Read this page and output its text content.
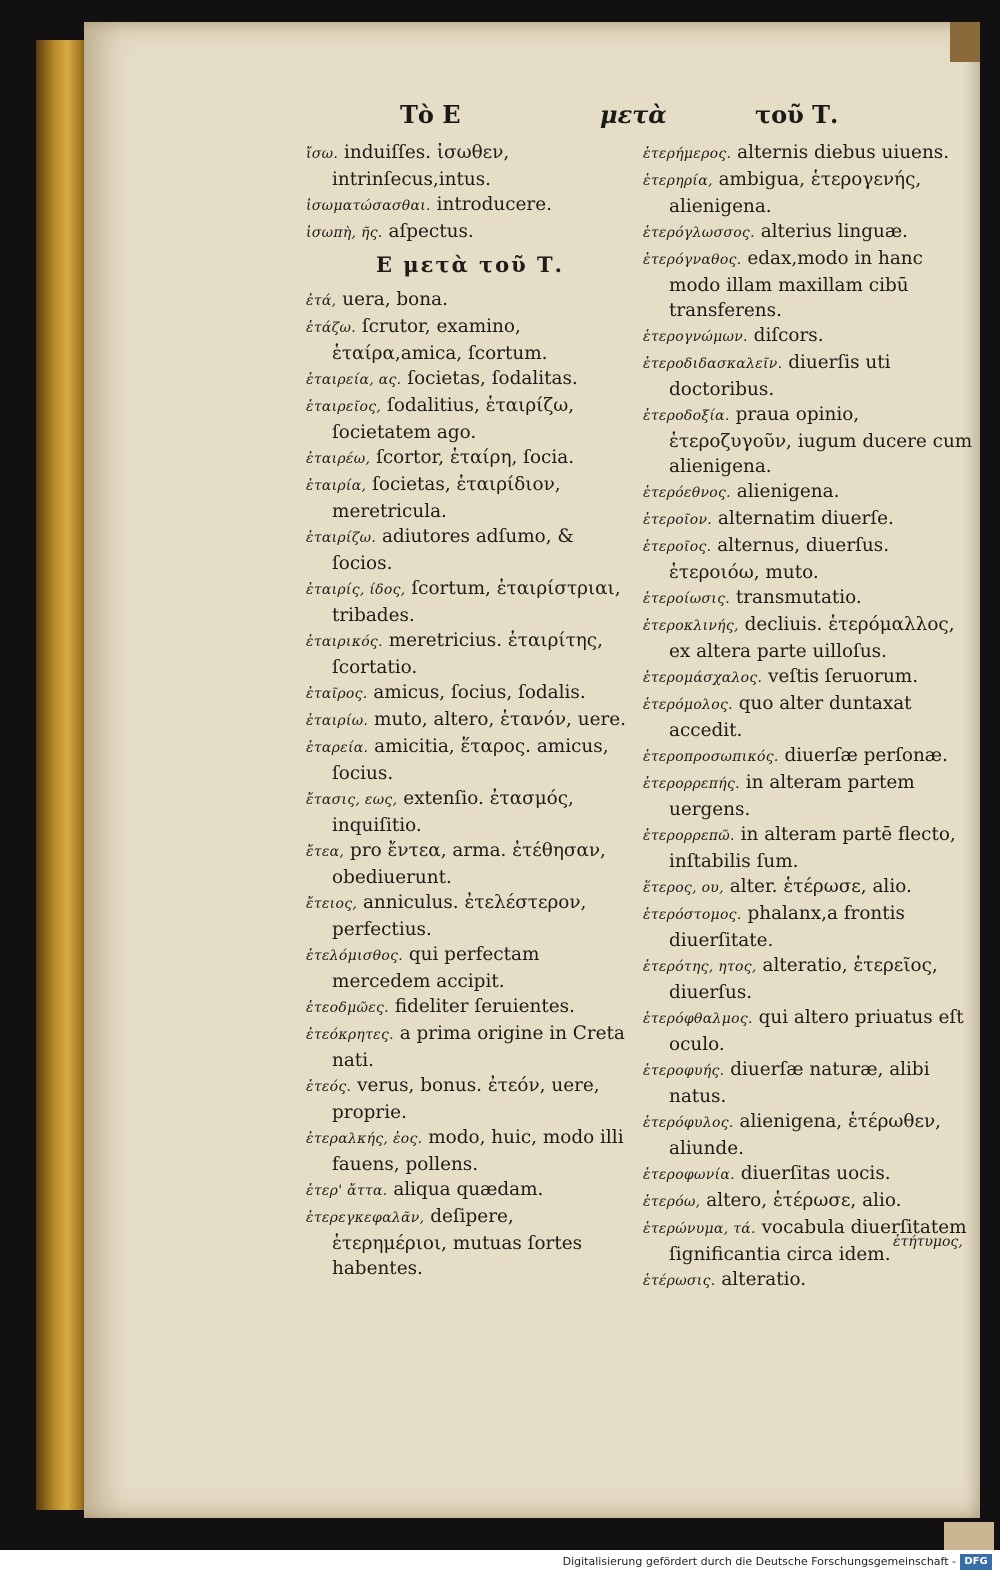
Τὸ Ε	μετὰ	τοῦ Τ.

ἴσω. induiſſes. ἰσωθεν, intrinſecus,intus.

ἰσωματώσασθαι. introducere.

ἰσωπὴ, ῆς. aſpectus.

Ε μετὰ τοῦ Τ.

ἐτά, uera, bona.

ἐτάζω. ſcrutor, examino, ἑταίρα,amica, ſcortum.

ἑταιρεία, ας. ſocietas, ſodalitas.

ἑταιρεῖος, ſodalitius, ἑταιρίζω, ſocietatem ago.

ἑταιρέω, ſcortor, ἑταίρη, ſocia.

ἑταιρία, ſocietas, ἑταιρίδιον, meretricula.

ἑταιρίζω. adiutores adſumo, & ſocios.

ἑταιρίς, ίδος, ſcortum, ἑταιρίστριαι, tribades.

ἑταιρικός. meretricius. ἑταιρίτης, ſcortatio.

ἑταῖρος. amicus, ſocius, ſodalis.

ἑταιρίω. muto, altero, ἑτανόν, uere.

ἑταρεία. amicitia, ἕταρος. amicus, ſocius.

ἔτασις, εως, extenſio. ἐτασμός, inquiſitio.

ἔτεα, pro ἔντεα, arma. ἐτέθησαν, obediuerunt.

ἔτειος, anniculus. ἐτελέστερον, perfectius.

ἐτελόμισθος. qui perfectam mercedem accipit.

ἐτεοδμῶες. fideliter ſeruientes.

ἐτεόκρητες. a prima origine in Creta nati.

ἐτεός. verus, bonus. ἐτεόν, uere, proprie.

ἑτεραλκής, ἐος. modo, huic, modo illi fauens, pollens.

ἑτερ' ἄττα. aliqua quædam.

ἑτερεγκεφαλᾶν, deſipere, ἑτερημέριοι, mutuas ſortes habentes.

ἑτερήμερος. alternis diebus uiuens.

ἑτερηρία, ambigua, ἑτερογενής, alienigena.

ἑτερόγλωσσος. alterius linguæ.

ἑτερόγναθος. edax,modo in hanc modo illam maxillam cibū transferens.

ἑτερογνώμων. diſcors.

ἑτεροδιδασκαλεῖν. diuerſis uti doctoribus.

ἑτεροδοξία. praua opinio, ἑτεροζυγοῦν, iugum ducere cum alienigena.

ἑτερόεθνος. alienigena.

ἑτεροῖον. alternatim diuerſe.

ἑτεροῖος. alternus, diuerſus. ἑτεροιόω, muto.

ἑτεροίωσις. transmutatio.

ἑτεροκλινής, decliuis. ἑτερόμαλλος, ex altera parte uilloſus.

ἑτερομάσχαλος. veſtis ſeruorum.

ἑτερόμολος. quo alter duntaxat accedit.

ἑτεροπροσωπικός. diuerſæ perſonæ.

ἑτερορρεπής. in alteram partem uergens.

ἑτερορρεπῶ. in alteram partē flecto, inſtabilis ſum.

ἕτερος, ου, alter. ἑτέρωσε, alio.

ἑτερόστομος. phalanx,a frontis diuerſitate.

ἑτερότης, ητος, alteratio, ἑτερεῖος, diuerſus.

ἑτερόφθαλμος. qui altero priuatus eſt oculo.

ἑτεροφυής. diuerſæ naturæ, alibi natus.

ἑτερόφυλος. alienigena, ἑτέρωθεν, aliunde.

ἑτεροφωνία. diuerſitas uocis.

ἑτερόω, altero, ἑτέρωσε, alio.

ἑτερώνυμα, τά. vocabula diuerſitatem ſignificantia circa idem.

ἑτέρωσις. alteratio.

ἐτήτυμος,
Digitalisierung gefördert durch die Deutsche Forschungsgemeinschaft - DFG
